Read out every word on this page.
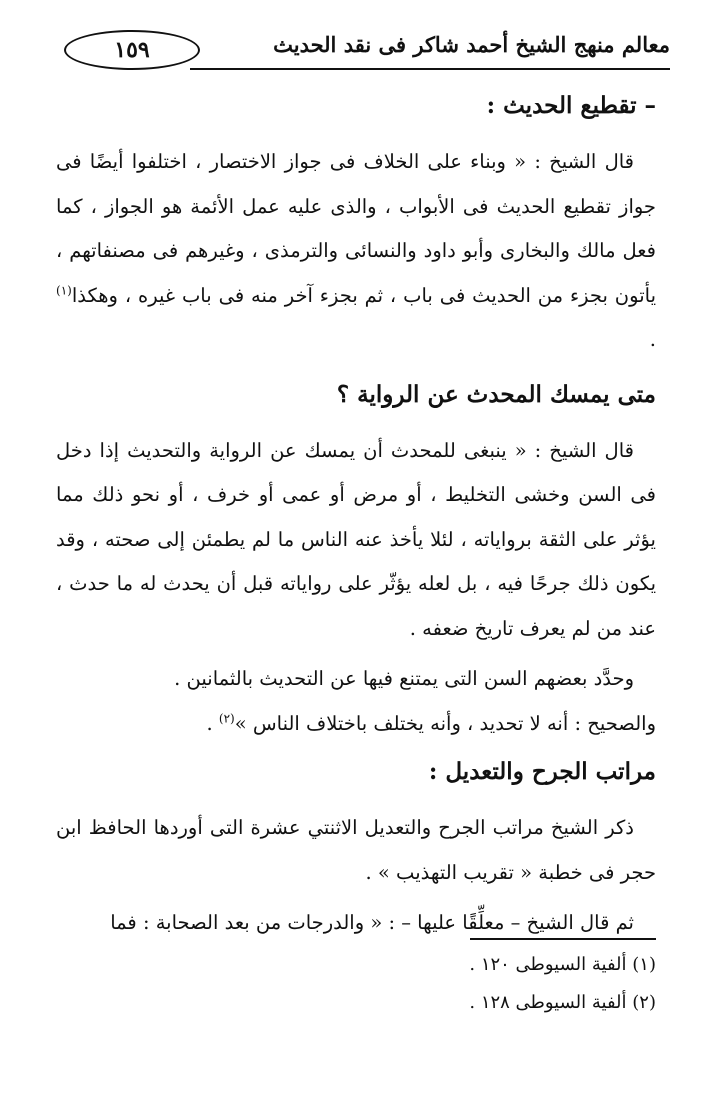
١٥٩	معالم منهج الشيخ أحمد شاكر فى نقد الحديث
– تقطيع الحديث :

قال الشيخ : « وبناء على الخلاف فى جواز الاختصار ، اختلفوا أيضًا فى جواز تقطيع الحديث فى الأبواب ، والذى عليه عمل الأئمة هو الجواز ، كما فعل مالك والبخارى وأبو داود والنسائى والترمذى ، وغيرهم فى مصنفاتهم ، يأتون بجزء من الحديث فى باب ، ثم بجزء آخر منه فى باب غيره ، وهكذا$^{(١)}$ .

متى يمسك المحدث عن الرواية ؟

قال الشيخ : « ينبغى للمحدث أن يمسك عن الرواية والتحديث إذا دخل فى السن وخشى التخليط ، أو مرض أو عمى أو خرف ، أو نحو ذلك مما يؤثر على الثقة برواياته ، لئلا يأخذ عنه الناس ما لم يطمئن إلى صحته ، وقد يكون ذلك جرحًا فيه ، بل لعله يؤثّر على رواياته قبل أن يحدث له ما حدث ، عند من لم يعرف تاريخ ضعفه .

وحدَّد بعضهم السن التى يمتنع فيها عن التحديث بالثمانين .

والصحيح : أنه لا تحديد ، وأنه يختلف باختلاف الناس »$^{(٢)}$ .

مراتب الجرح والتعديل :

ذكر الشيخ مراتب الجرح والتعديل الاثنتي عشرة التى أوردها الحافظ ابن حجر فى خطبة « تقريب التهذيب » .

ثم قال الشيخ – معلِّقًا عليها – : « والدرجات من بعد الصحابة : فما

(١) ألفية السيوطى ١٢٠ .
(٢) ألفية السيوطى ١٢٨ .
